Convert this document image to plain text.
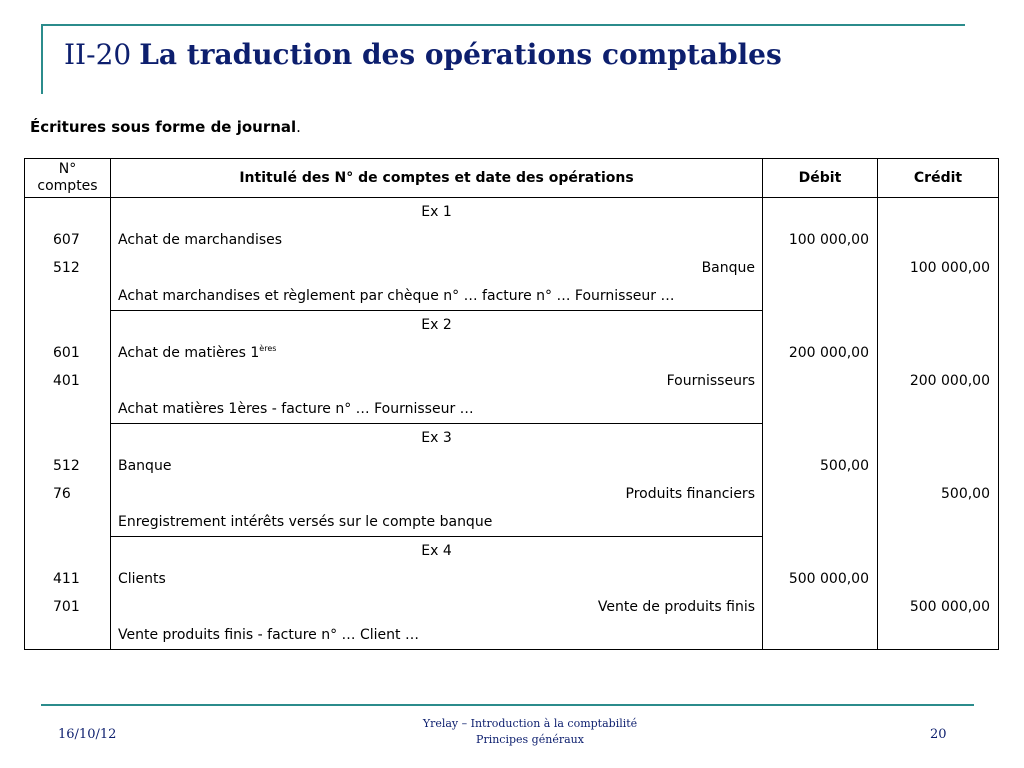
II-20 La traduction des opérations comptables
Écritures sous forme de journal.
N°
comptes	Intitulé des N° de comptes et date des opérations	Débit	Crédit

	Ex 1		

607	Achat de marchandises	100 000,00	

512	Banque		100 000,00

	Achat marchandises et règlement par chèque n° … facture n° … Fournisseur …		

	Ex 2		

601	Achat de matières 1ères	200 000,00	

401	Fournisseurs		200 000,00

	Achat matières 1ères - facture n° … Fournisseur …		

	Ex 3		

512	Banque	500,00	

76	Produits financiers		500,00

	Enregistrement intérêts versés sur le compte banque		

	Ex 4		

411	Clients	500 000,00	

701	Vente de produits finis		500 000,00

	Vente produits finis - facture n° … Client …		

16/10/12
Yrelay – Introduction à la comptabilité
Principes généraux	20
